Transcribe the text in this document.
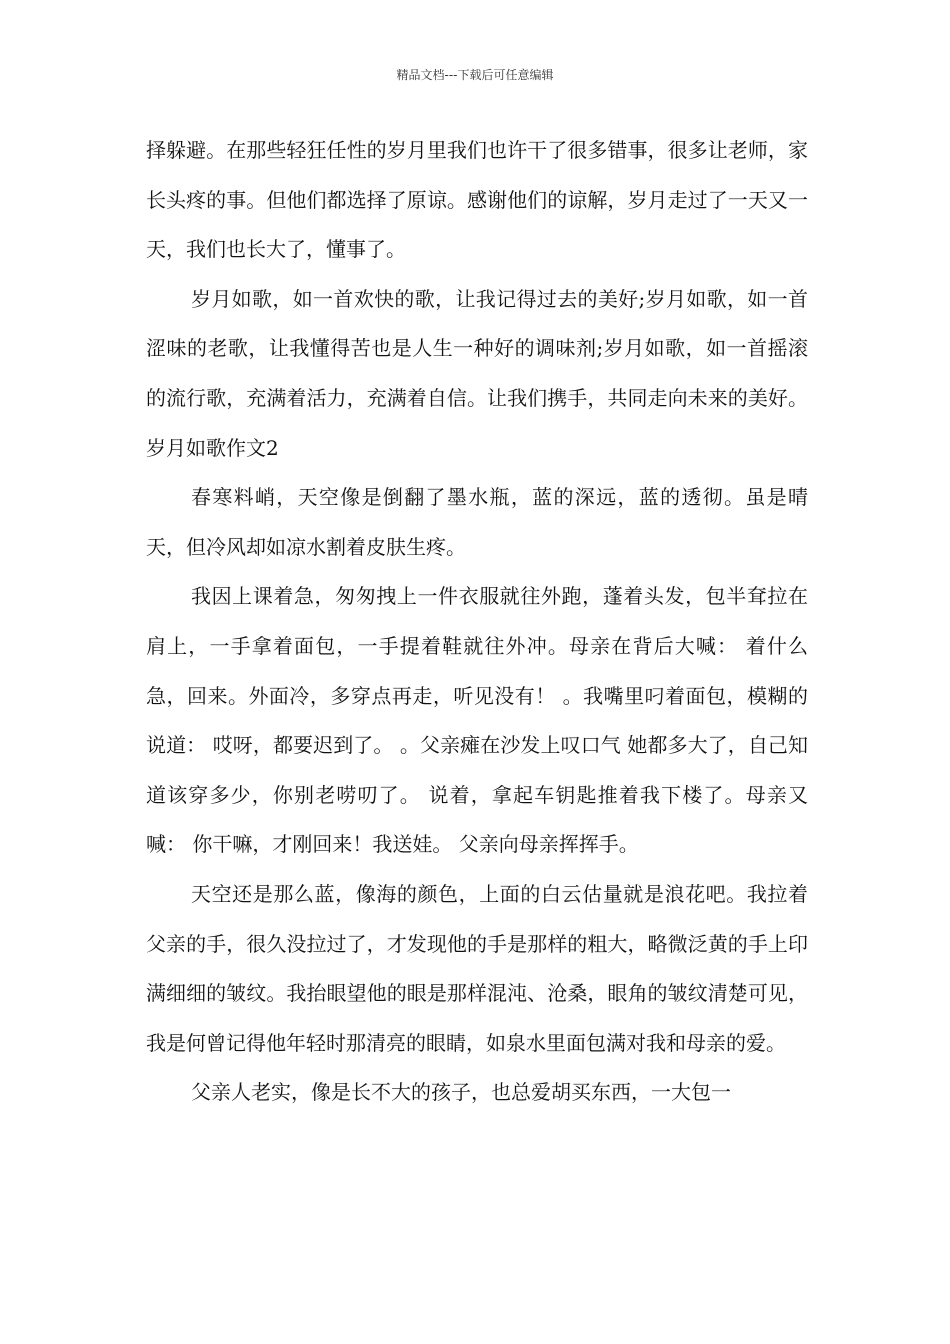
精品文档---下载后可任意编辑

择躲避。在那些轻狂任性的岁月里我们也许干了很多错事，很多让老师，家长头疼的事。但他们都选择了原谅。感谢他们的谅解，岁月走过了一天又一天，我们也长大了，懂事了。

岁月如歌，如一首欢快的歌，让我记得过去的美好;岁月如歌，如一首涩味的老歌，让我懂得苦也是人生一种好的调味剂;岁月如歌，如一首摇滚的流行歌，充满着活力，充满着自信。让我们携手，共同走向未来的美好。岁月如歌作文2

春寒料峭，天空像是倒翻了墨水瓶，蓝的深远，蓝的透彻。虽是晴天，但冷风却如凉水割着皮肤生疼。

我因上课着急，匆匆拽上一件衣服就往外跑，蓬着头发，包半耷拉在肩上，一手拿着面包，一手提着鞋就往外冲。母亲在背后大喊： 着什么急，回来。外面冷，多穿点再走，听见没有！ 。我嘴里叼着面包，模糊的说道： 哎呀，都要迟到了。 。父亲瘫在沙发上叹口气 她都多大了，自己知道该穿多少，你别老唠叨了。 说着，拿起车钥匙推着我下楼了。母亲又喊： 你干嘛，才刚回来！我送娃。 父亲向母亲挥挥手。

天空还是那么蓝，像海的颜色，上面的白云估量就是浪花吧。我拉着父亲的手，很久没拉过了，才发现他的手是那样的粗大，略微泛黄的手上印满细细的皱纹。我抬眼望他的眼是那样混沌、沧桑，眼角的皱纹清楚可见，我是何曾记得他年轻时那清亮的眼睛，如泉水里面包满对我和母亲的爱。

父亲人老实，像是长不大的孩子，也总爱胡买东西，一大包一
